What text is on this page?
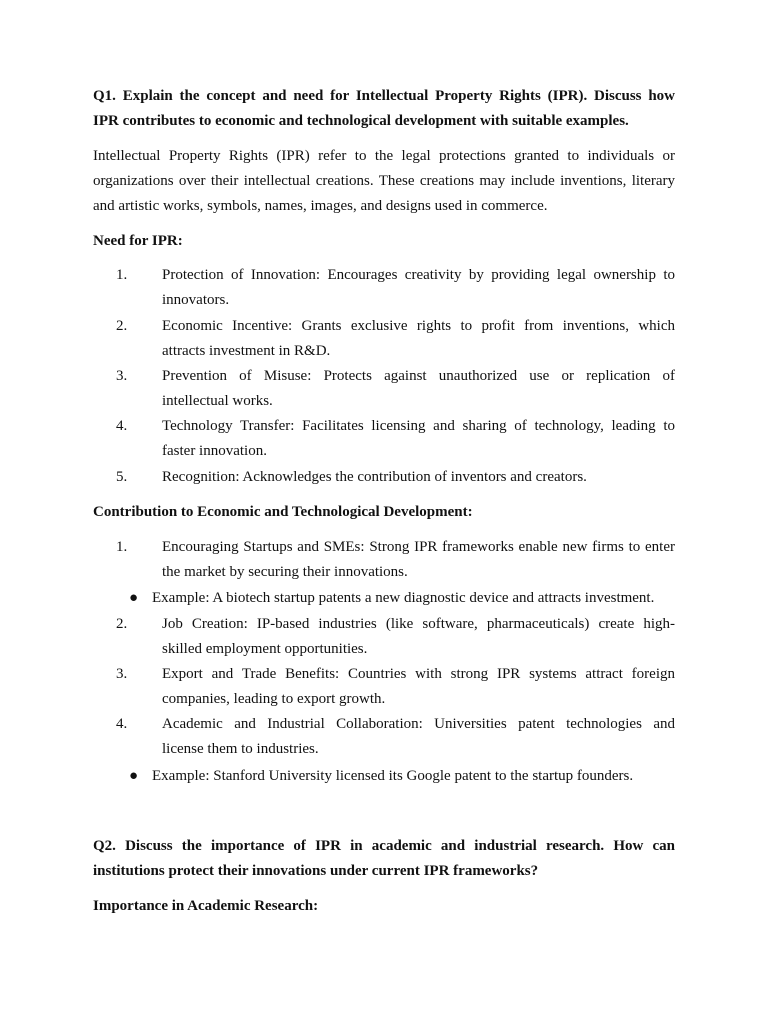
Q1. Explain the concept and need for Intellectual Property Rights (IPR). Discuss how
IPR contributes to economic and technological development with suitable examples.
Intellectual Property Rights (IPR) refer to the legal protections granted to individuals or
organizations over their intellectual creations. These creations may include inventions, literary
and artistic works, symbols, names, images, and designs used in commerce.
Need for IPR:
1. Protection of Innovation: Encourages creativity by providing legal ownership to
innovators.
2. Economic Incentive: Grants exclusive rights to profit from inventions, which
attracts investment in R&D.
3. Prevention of Misuse: Protects against unauthorized use or replication of
intellectual works.
4. Technology Transfer: Facilitates licensing and sharing of technology, leading to
faster innovation.
5. Recognition: Acknowledges the contribution of inventors and creators.
Contribution to Economic and Technological Development:
1. Encouraging Startups and SMEs: Strong IPR frameworks enable new firms to enter
the market by securing their innovations.
● Example: A biotech startup patents a new diagnostic device and attracts investment.
2. Job Creation: IP-based industries (like software, pharmaceuticals) create high-
skilled employment opportunities.
3. Export and Trade Benefits: Countries with strong IPR systems attract foreign
companies, leading to export growth.
4. Academic and Industrial Collaboration: Universities patent technologies and
license them to industries.
● Example: Stanford University licensed its Google patent to the startup founders.
Q2. Discuss the importance of IPR in academic and industrial research. How can
institutions protect their innovations under current IPR frameworks?
Importance in Academic Research:
